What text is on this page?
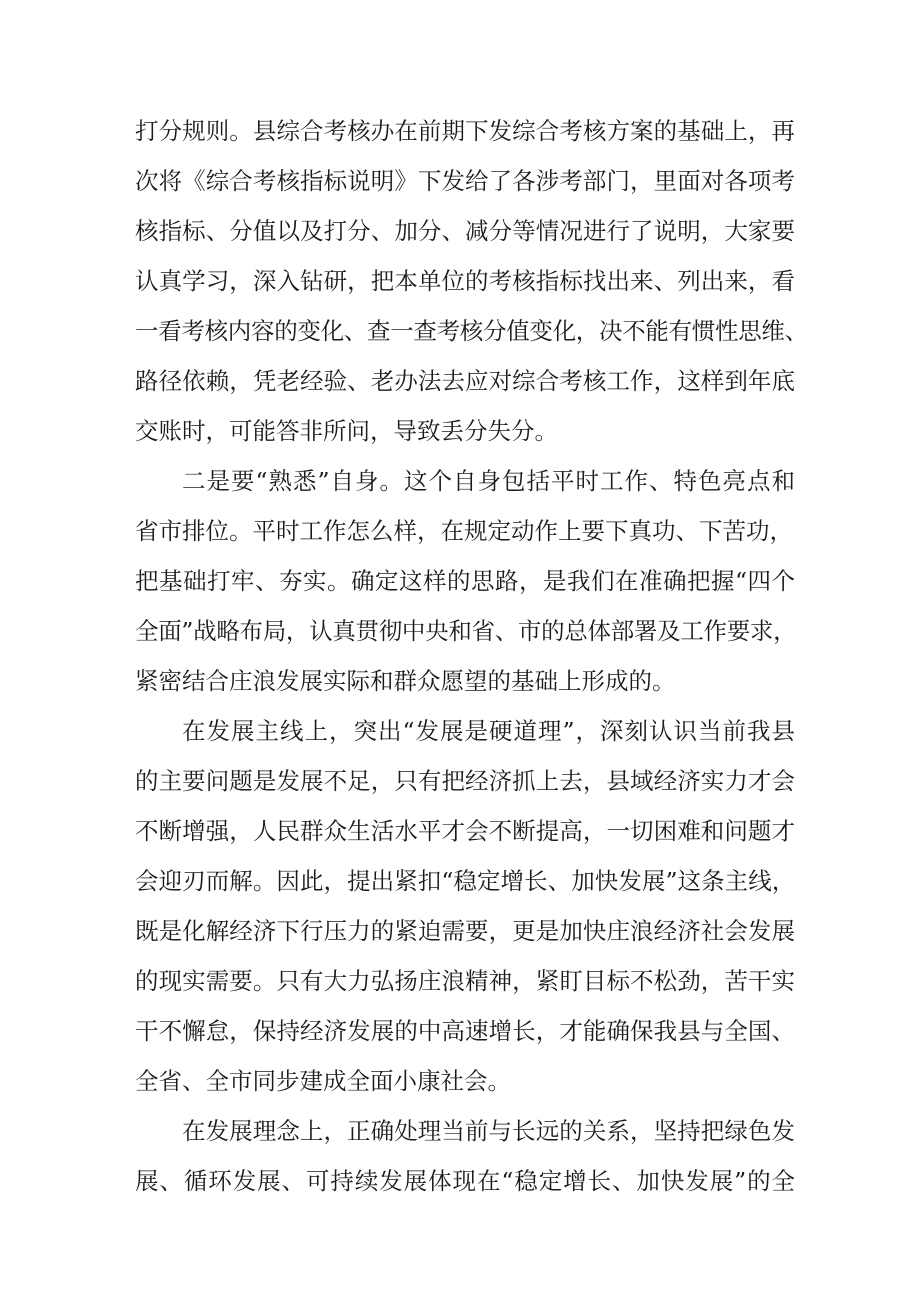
打分规则。县综合考核办在前期下发综合考核方案的基础上，再
次将《综合考核指标说明》下发给了各涉考部门，里面对各项考
核指标、分值以及打分、加分、减分等情况进行了说明，大家要
认真学习，深入钻研，把本单位的考核指标找出来、列出来，看
一看考核内容的变化、查一查考核分值变化，决不能有惯性思维、
路径依赖，凭老经验、老办法去应对综合考核工作，这样到年底
交账时，可能答非所问，导致丢分失分。
二是要“熟悉”自身。这个自身包括平时工作、特色亮点和
省市排位。平时工作怎么样，在规定动作上要下真功、下苦功，
把基础打牢、夯实。确定这样的思路，是我们在准确把握“四个
全面”战略布局，认真贯彻中央和省、市的总体部署及工作要求，
紧密结合庄浪发展实际和群众愿望的基础上形成的。
在发展主线上，突出“发展是硬道理”，深刻认识当前我县
的主要问题是发展不足，只有把经济抓上去，县域经济实力才会
不断增强，人民群众生活水平才会不断提高，一切困难和问题才
会迎刃而解。因此，提出紧扣“稳定增长、加快发展”这条主线，
既是化解经济下行压力的紧迫需要，更是加快庄浪经济社会发展
的现实需要。只有大力弘扬庄浪精神，紧盯目标不松劲，苦干实
干不懈怠，保持经济发展的中高速增长，才能确保我县与全国、
全省、全市同步建成全面小康社会。
在发展理念上，正确处理当前与长远的关系，坚持把绿色发
展、循环发展、可持续发展体现在“稳定增长、加快发展”的全
